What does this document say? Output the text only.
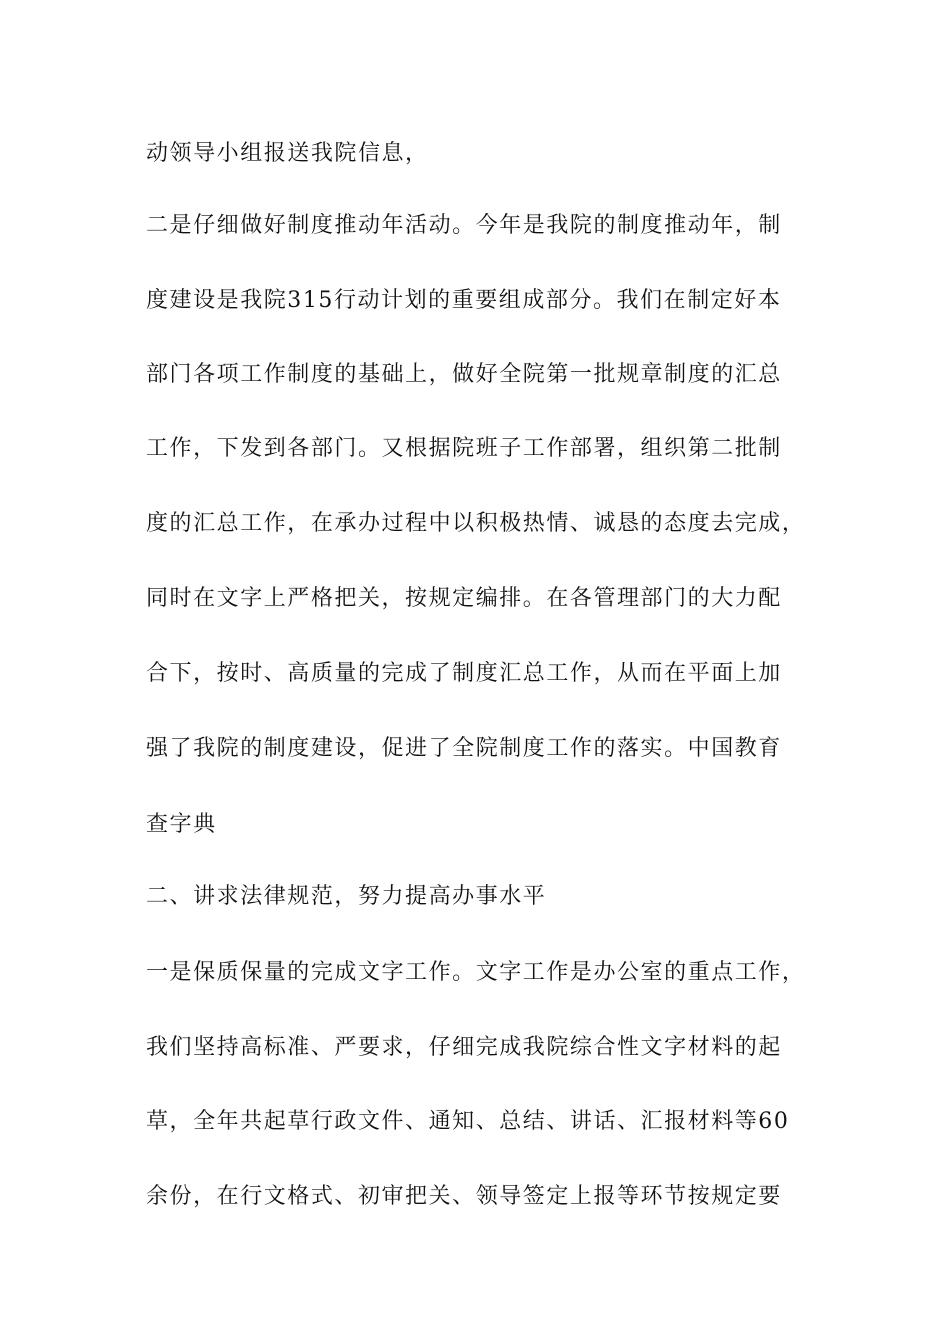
动领导小组报送我院信息，
二是仔细做好制度推动年活动。今年是我院的制度推动年，制
度建设是我院315行动计划的重要组成部分。我们在制定好本
部门各项工作制度的基础上，做好全院第一批规章制度的汇总
工作，下发到各部门。又根据院班子工作部署，组织第二批制
度的汇总工作，在承办过程中以积极热情、诚恳的态度去完成，
同时在文字上严格把关，按规定编排。在各管理部门的大力配
合下，按时、高质量的完成了制度汇总工作，从而在平面上加
强了我院的制度建设，促进了全院制度工作的落实。中国教育
查字典
二、讲求法律规范，努力提高办事水平
一是保质保量的完成文字工作。文字工作是办公室的重点工作，
我们坚持高标准、严要求，仔细完成我院综合性文字材料的起
草，全年共起草行政文件、通知、总结、讲话、汇报材料等60
余份，在行文格式、初审把关、领导签定上报等环节按规定要
